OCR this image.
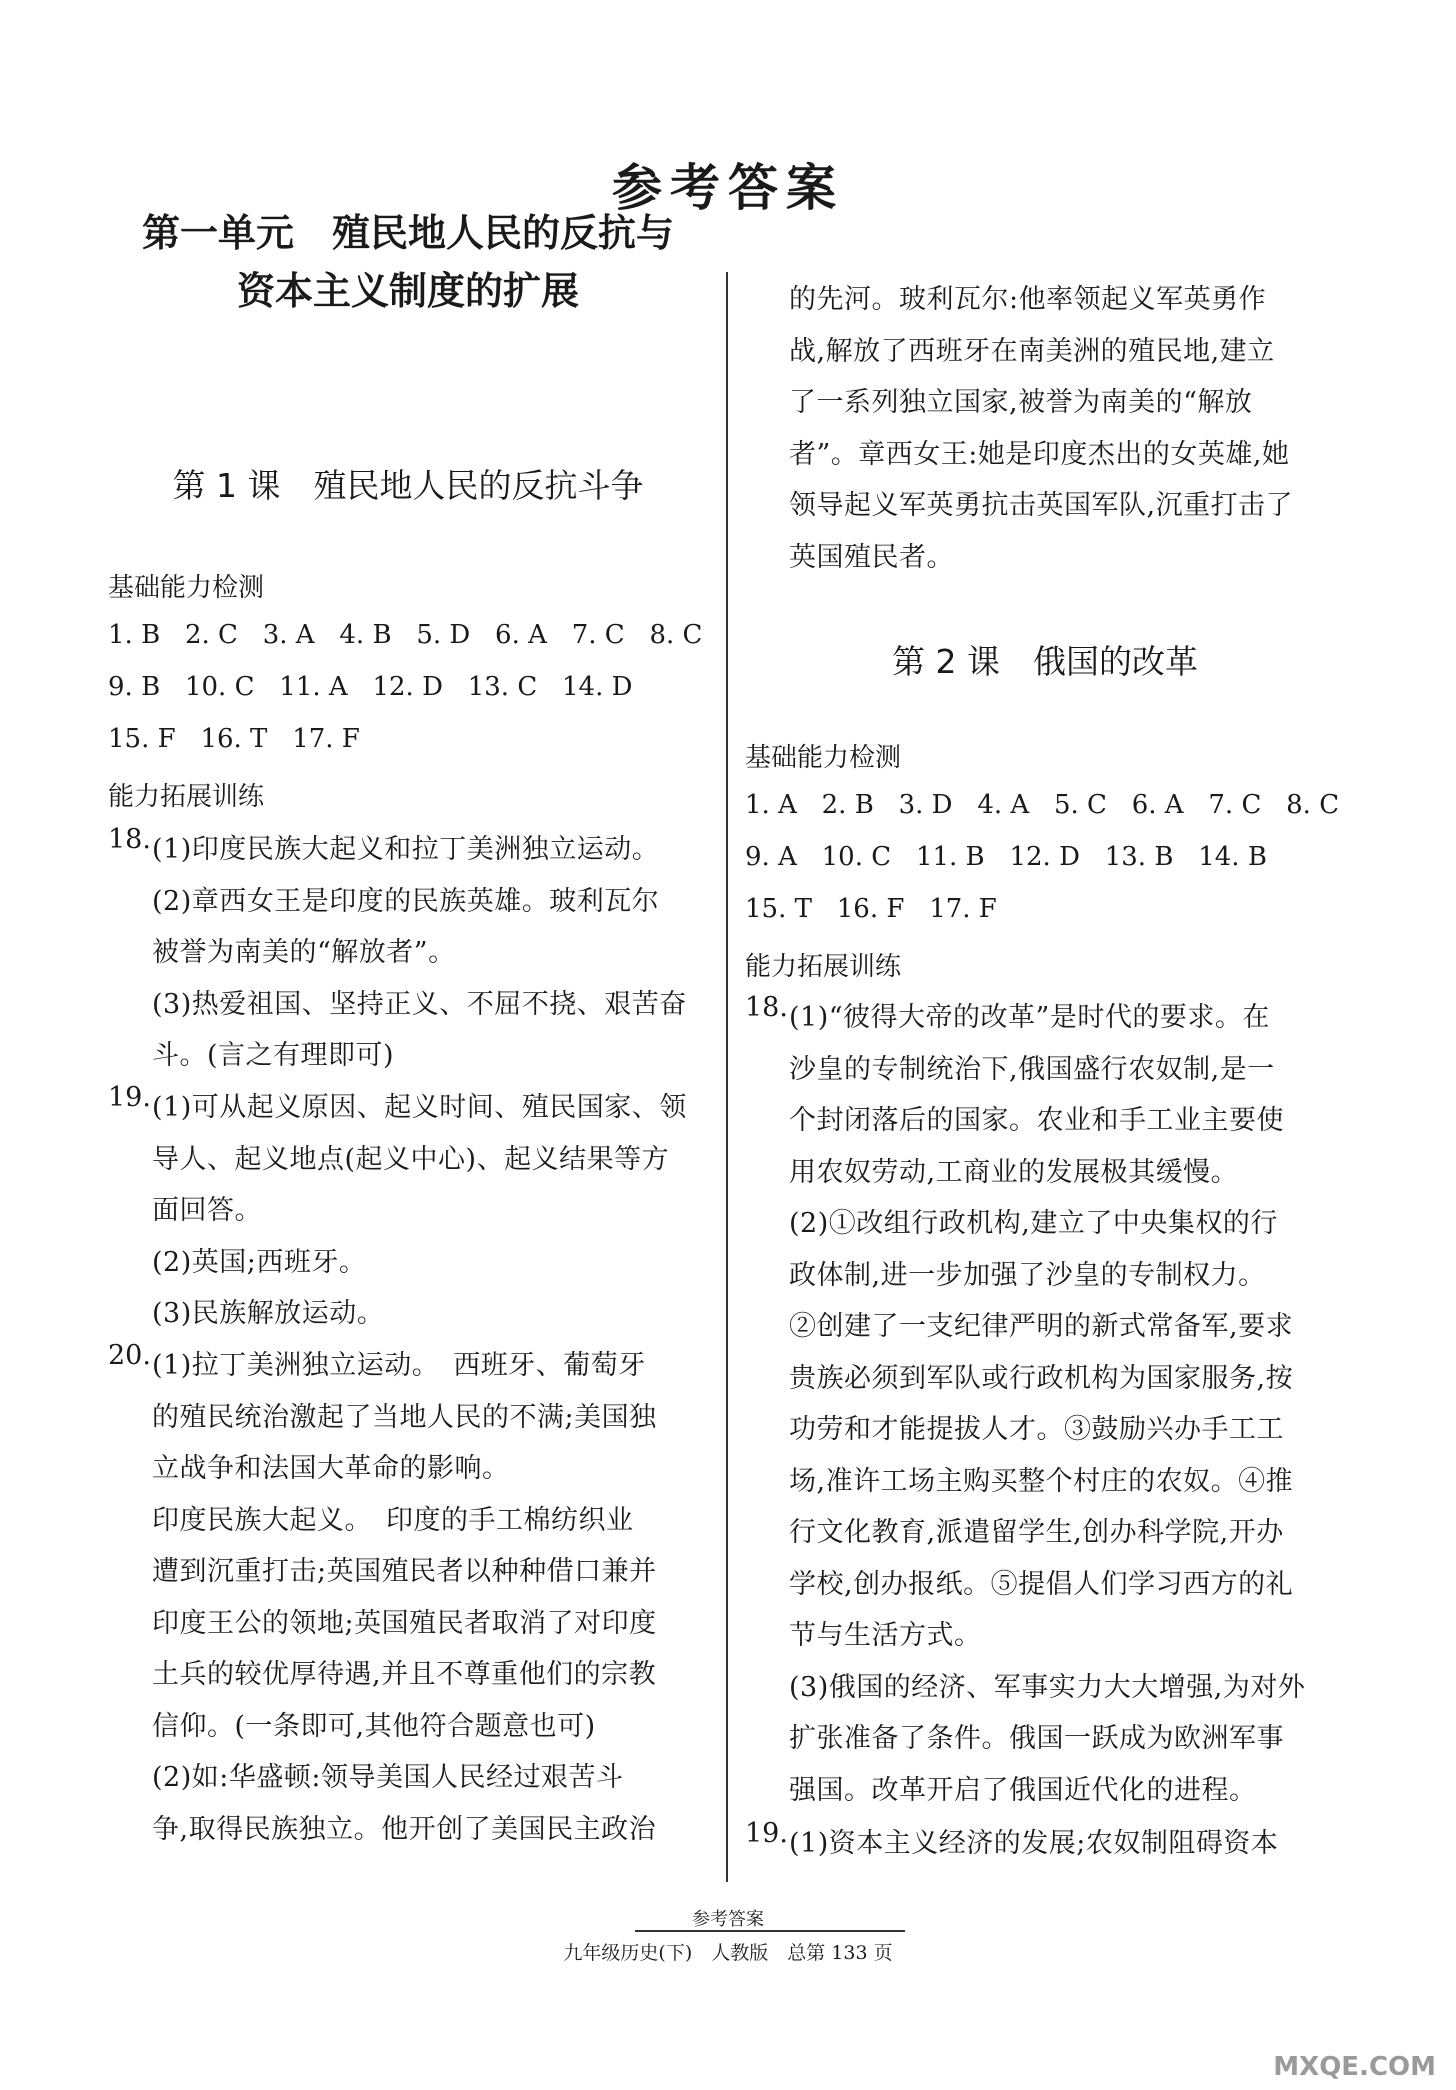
参考答案
第一单元　殖民地人民的反抗与
资本主义制度的扩展
第 1 课　殖民地人民的反抗斗争
基础能力检测
1. B   2. C   3. A   4. B   5. D   6. A   7. C   8. C
9. B   10. C   11. A   12. D   13. C   14. D
15. F   16. T   17. F
能力拓展训练
18. (1)印度民族大起义和拉丁美洲独立运动。

(2)章西女王是印度的民族英雄。玻利瓦尔

被誉为南美的“解放者”。

(3)热爱祖国、坚持正义、不屈不挠、艰苦奋

斗。(言之有理即可)

19. (1)可从起义原因、起义时间、殖民国家、领

导人、起义地点(起义中心)、起义结果等方

面回答。

(2)英国;西班牙。

(3)民族解放运动。

20. (1)拉丁美洲独立运动。　西班牙、葡萄牙

的殖民统治激起了当地人民的不满;美国独

立战争和法国大革命的影响。

印度民族大起义。　印度的手工棉纺织业

遭到沉重打击;英国殖民者以种种借口兼并

印度王公的领地;英国殖民者取消了对印度

土兵的较优厚待遇,并且不尊重他们的宗教

信仰。(一条即可,其他符合题意也可)

(2)如:华盛顿:领导美国人民经过艰苦斗

争,取得民族独立。他开创了美国民主政治

的先河。玻利瓦尔:他率领起义军英勇作

战,解放了西班牙在南美洲的殖民地,建立

了一系列独立国家,被誉为南美的“解放

者”。章西女王:她是印度杰出的女英雄,她

领导起义军英勇抗击英国军队,沉重打击了

英国殖民者。

第 2 课　俄国的改革
基础能力检测
1. A   2. B   3. D   4. A   5. C   6. A   7. C   8. C
9. A   10. C   11. B   12. D   13. B   14. B
15. T   16. F   17. F
能力拓展训练
18. (1)“彼得大帝的改革”是时代的要求。在

沙皇的专制统治下,俄国盛行农奴制,是一

个封闭落后的国家。农业和手工业主要使

用农奴劳动,工商业的发展极其缓慢。

(2)①改组行政机构,建立了中央集权的行

政体制,进一步加强了沙皇的专制权力。

②创建了一支纪律严明的新式常备军,要求

贵族必须到军队或行政机构为国家服务,按

功劳和才能提拔人才。③鼓励兴办手工工

场,准许工场主购买整个村庄的农奴。④推

行文化教育,派遣留学生,创办科学院,开办

学校,创办报纸。⑤提倡人们学习西方的礼

节与生活方式。

(3)俄国的经济、军事实力大大增强,为对外

扩张准备了条件。俄国一跃成为欧洲军事

强国。改革开启了俄国近代化的进程。

19. (1)资本主义经济的发展;农奴制阻碍资本

参考答案
九年级历史(下)　人教版　总第 133 页
MXQE.COM
